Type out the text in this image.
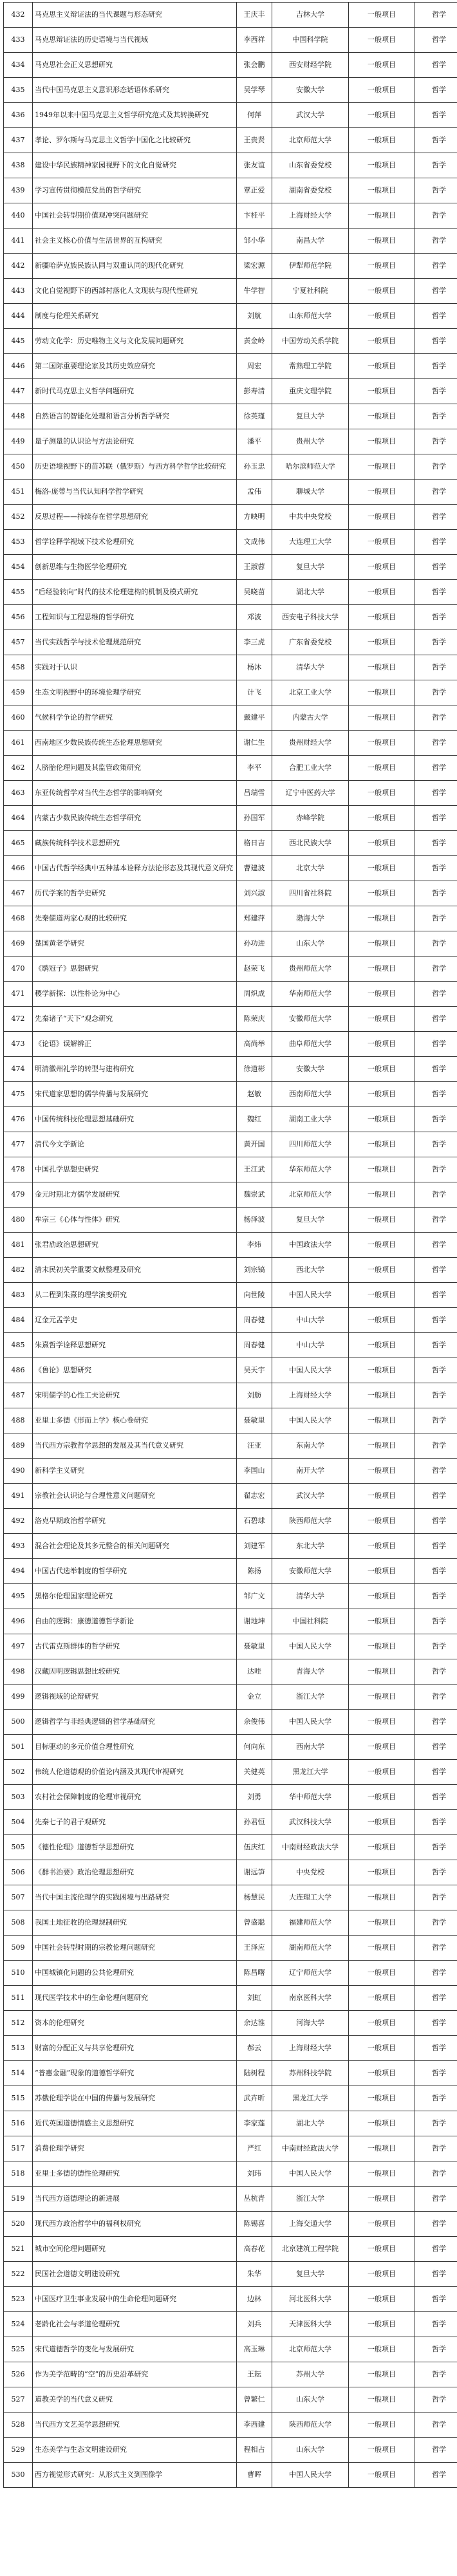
432	马克思主义辩证法的当代课题与形态研究	王庆丰	吉林大学	一般项目	哲学
433	马克思辩证法的历史语境与当代视域	李西祥	中国科学院	一般项目	哲学
434	马克思社会正义思想研究	张会鹏	西安财经学院	一般项目	哲学
435	当代中国马克思主义意识形态话语体系研究	吴学琴	安徽大学	一般项目	哲学
436	1949年以来中国马克思主义哲学研究范式及其转换研究	何萍	武汉大学	一般项目	哲学
437	孝论、罗尔斯与马克思主义哲学中国化之比较研究	王贵贤	北京师范大学	一般项目	哲学
438	建设中华民族精神家园视野下的文化自觉研究	张友谊	山东省委党校	一般项目	哲学
439	学习宣传贯彻模范党员的哲学研究	覃正爱	湖南省委党校	一般项目	哲学
440	中国社会转型期价值观冲突问题研究	卞桂平	上海财经大学	一般项目	哲学
441	社会主义核心价值与生活世界的互构研究	邹小华	南昌大学	一般项目	哲学
442	新疆哈萨克族民族认同与双重认同的现代化研究	梁宏源	伊犁师范学院	一般项目	哲学
443	文化自觉视野下的西部村落化人文现状与现代性研究	牛学智	宁夏社科院	一般项目	哲学
444	制度与伦理关系研究	刘航	山东师范大学	一般项目	哲学
445	劳动文化学：历史唯物主义与文化发展问题研究	黄金岭	中国劳动关系学院	一般项目	哲学
446	第二国际重要理论家及其历史效应研究	周宏	常熟理工学院	一般项目	哲学
447	新时代马克思主义哲学问题研究	彭寿清	重庆文理学院	一般项目	哲学
448	自然语言的智能化处理和语言分析哲学研究	徐英瑾	复旦大学	一般项目	哲学
449	量子测量的认识论与方法论研究	潘平	贵州大学	一般项目	哲学
450	历史语境视野下的苗苏联（俄罗斯）与西方科学哲学比较研究	孙玉忠	哈尔滨师范大学	一般项目	哲学
451	梅洛-庞蒂与当代认知科学哲学研究	孟伟	聊城大学	一般项目	哲学
452	反思过程——持续存在哲学思想研究	方映明	中共中央党校	一般项目	哲学
453	哲学诠释学视域下技术伦理研究	文成伟	大连理工大学	一般项目	哲学
454	创新思维与生物医学伦理研究	王淑蓉	复旦大学	一般项目	哲学
455	“后经验转向”时代的技术伦理建构的机制及模式研究	吴晓苗	湖北大学	一般项目	哲学
456	工程知识与工程思维的哲学研究	邓波	西安电子科技大学	一般项目	哲学
457	当代实践哲学与技术伦理规范研究	李三虎	广东省委党校	一般项目	哲学
458	实践对于认识	杨沐	清华大学	一般项目	哲学
459	生态文明视野中的环境伦理学研究	计飞	北京工业大学	一般项目	哲学
460	气候科学争论的哲学研究	戴建平	内蒙古大学	一般项目	哲学
461	西南地区少数民族传统生态伦理思想研究	谢仁生	贵州财经大学	一般项目	哲学
462	人脐胎伦理问题及其监管政策研究	李平	合肥工业大学	一般项目	哲学
463	东亚传统哲学对当代生态哲学的影响研究	吕瑞雪	辽宁中医药大学	一般项目	哲学
464	内蒙古少数民族传统生态哲学研究	孙国军	赤峰学院	一般项目	哲学
465	藏族传统科学技术思想研究	格日吉	西北民族大学	一般项目	哲学
466	中国古代哲学经典中五种基本诠释方法论形态及其现代意义研究	曹建波	北京大学	一般项目	哲学
467	历代学案的哲学史研究	刘兴淑	四川省社科院	一般项目	哲学
468	先秦儒道两家心观的比较研究	郑建萍	渤海大学	一般项目	哲学
469	楚国黄老学研究	孙功进	山东大学	一般项目	哲学
470	《鹖冠子》思想研究	赵荣飞	贵州师范大学	一般项目	哲学
471	稷学新探：以性朴论为中心	周炽成	华南师范大学	一般项目	哲学
472	先秦诸子“天下”观念研究	陈荣庆	安徽师范大学	一般项目	哲学
473	《论语》误解辨正	高尚举	曲阜师范大学	一般项目	哲学
474	明清徽州礼学的转型与建构研究	徐道彬	安徽大学	一般项目	哲学
475	宋代道家思想的儒学传播与发展研究	赵敏	西南师范大学	一般项目	哲学
476	中国传统科技伦理思想基础研究	魏红	湖南工业大学	一般项目	哲学
477	清代今文学新论	黄开国	四川师范大学	一般项目	哲学
478	中国孔学思想史研究	王江武	华东师范大学	一般项目	哲学
479	金元时期北方儒学发展研究	魏崇武	北京师范大学	一般项目	哲学
480	牟宗三《心体与性体》研究	杨泽波	复旦大学	一般项目	哲学
481	张君劢政治思想研究	李炜	中国政法大学	一般项目	哲学
482	清末民初关学重要文献整理及研究	刘宗镐	西北大学	一般项目	哲学
483	从二程到朱熹的理学演变研究	向世陵	中国人民大学	一般项目	哲学
484	辽金元孟学史	周春健	中山大学	一般项目	哲学
485	朱熹哲学诠释思想研究	周春健	中山大学	一般项目	哲学
486	《鲁论》思想研究	吴天宇	中国人民大学	一般项目	哲学
487	宋明儒学的心性工夫论研究	刘舫	上海财经大学	一般项目	哲学
488	亚里士多德《形而上学》核心卷研究	聂敏里	中国人民大学	一般项目	哲学
489	当代西方宗教哲学思想的发展及其当代意义研究	汪亚	东南大学	一般项目	哲学
490	新科学主义研究	李国山	南开大学	一般项目	哲学
491	宗教社会认识论与合理性意义问题研究	翟志宏	武汉大学	一般项目	哲学
492	洛克早期政治哲学研究	石碧球	陕西师范大学	一般项目	哲学
493	混合社会理论及其多元整合的相关问题研究	刘建军	东北大学	一般项目	哲学
494	中国古代选举制度的哲学研究	陈扬	安徽师范大学	一般项目	哲学
495	黑格尔伦理国家理论研究	邹广文	清华大学	一般项目	哲学
496	自由的逻辑：康德道德哲学新论	谢地坤	中国社科院	一般项目	哲学
497	古代雷克斯群体的哲学研究	聂敏里	中国人民大学	一般项目	哲学
498	汉藏因明逻辑思想比较研究	达哇	青海大学	一般项目	哲学
499	逻辑视域的论辩研究	金立	浙江大学	一般项目	哲学
500	逻辑哲学与非经典逻辑的哲学基础研究	余俊伟	中国人民大学	一般项目	哲学
501	目标驱动的多元价值合理性研究	何向东	西南大学	一般项目	哲学
502	伟统人伦道德观的价值论内涵及其现代审视研究	关健英	黑龙江大学	一般项目	哲学
503	农村社会保障制度的伦理审视研究	刘勇	华中师范大学	一般项目	哲学
504	先秦七子的君子观研究	孙君恒	武汉科技大学	一般项目	哲学
505	《德性伦理》道德哲学思想研究	伍庆红	中南财经政法大学	一般项目	哲学
506	《群书治要》政治伦理思想研究	谢远笋	中央党校	一般项目	哲学
507	当代中国主流伦理学的实践困境与出路研究	杨慧民	大连理工大学	一般项目	哲学
508	我国土地征收的伦理规制研究	曾盛聪	福建师范大学	一般项目	哲学
509	中国社会转型时期的宗教伦理问题研究	王泽应	湖南师范大学	一般项目	哲学
510	中国城镇化问题的公共伦理研究	陈昌曙	辽宁师范大学	一般项目	哲学
511	现代医学技术中的生命伦理问题研究	刘虹	南京医科大学	一般项目	哲学
512	资本的伦理研究	余达淮	河海大学	一般项目	哲学
513	财富的分配正义与共享伦理研究	郝云	上海财经大学	一般项目	哲学
514	“普惠金融”现象的道德哲学研究	陆树程	苏州科技学院	一般项目	哲学
515	苏俄伦理学说在中国的传播与发展研究	武卉昕	黑龙江大学	一般项目	哲学
516	近代英国道德情感主义思想研究	李家莲	湖北大学	一般项目	哲学
517	消费伦理学研究	严红	中南财经政法大学	一般项目	哲学
518	亚里士多德的德性伦理研究	刘玮	中国人民大学	一般项目	哲学
519	当代西方道德理论的新进展	丛杭青	浙江大学	一般项目	哲学
520	现代西方政治哲学中的福利权研究	陈锡喜	上海交通大学	一般项目	哲学
521	城市空间伦理问题研究	高春花	北京建筑工程学院	一般项目	哲学
522	民国社会道德文明建设研究	朱华	复旦大学	一般项目	哲学
523	中国医疗卫生事业发展中的生命伦理问题研究	边林	河北医科大学	一般项目	哲学
524	老龄化社会与孝道伦理研究	刘兵	天津医科大学	一般项目	哲学
525	宋代道德哲学的变化与发展研究	高玉琳	北京师范大学	一般项目	哲学
526	作为美学范畴的“空”的历史沿革研究	王耘	苏州大学	一般项目	哲学
527	道教美学的当代意义研究	曾繁仁	山东大学	一般项目	哲学
528	当代西方文艺美学思想研究	李西建	陕西师范大学	一般项目	哲学
529	生态美学与生态文明建设研究	程相占	山东大学	一般项目	哲学
530	西方视觉形式研究：从形式主义到图像学	曹晖	中国人民大学	一般项目	哲学
